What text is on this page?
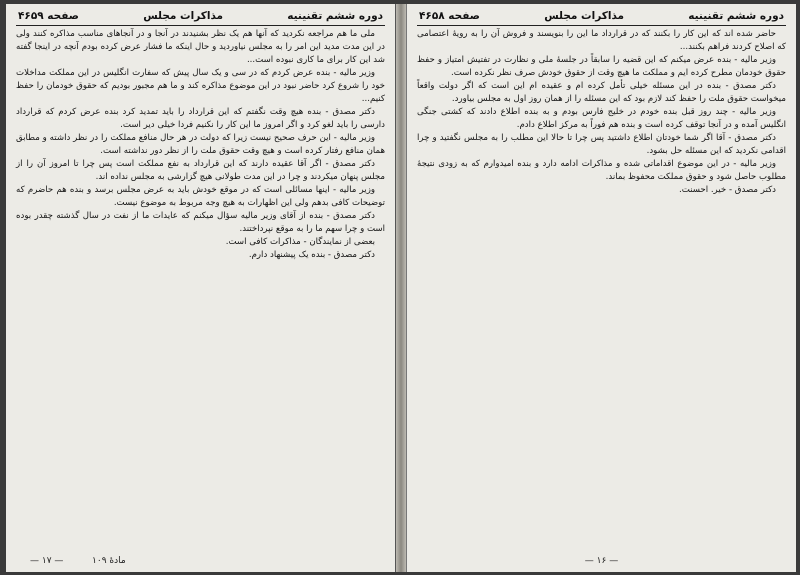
دوره ششم تقنینیه
مذاکرات مجلس
صفحه ۴۶۵۹

ملی ما هم مراجعه نکردید که آنها هم یک نظر بشنیدند در آنجا و در آنجاهای مناسب مذاکره کنند ولی در این مدت مدید این امر را به مجلس نیاوردید و حال اینکه ما فشار عرض کرده بودم آنچه در اینجا گفته شد این کار برای ما کاری نبوده است...

وزیر مالیه - بنده عرض کردم که در سی و یک سال پیش که سفارت انگلیس در این مملکت مداخلات خود را شروع کرد حاضر نبود در این موضوع مذاکره کند و ما هم مجبور بودیم که حقوق خودمان را حفظ کنیم...

دکتر مصدق - بنده هیچ وقت نگفتم که این قرارداد را باید تمدید کرد بنده عرض کردم که قرارداد دارسی را باید لغو کرد و اگر امروز ما این کار را نکنیم فردا خیلی دیر است.

وزیر مالیه - این حرف صحیح نیست زیرا که دولت در هر حال منافع مملکت را در نظر داشته و مطابق همان منافع رفتار کرده است و هیچ وقت حقوق ملت را از نظر دور نداشته است.

دکتر مصدق - اگر آقا عقیده دارند که این قرارداد به نفع مملکت است پس چرا تا امروز آن را از مجلس پنهان میکردند و چرا در این مدت طولانی هیچ گزارشی به مجلس نداده اند.

وزیر مالیه - اینها مسائلی است که در موقع خودش باید به عرض مجلس برسد و بنده هم حاضرم که توضیحات کافی بدهم ولی این اظهارات به هیچ وجه مربوط به موضوع نیست.

دکتر مصدق - بنده از آقای وزیر مالیه سؤال میکنم که عایدات ما از نفت در سال گذشته چقدر بوده است و چرا سهم ما را به موقع نپرداختند.

بعضی از نمایندگان - مذاکرات کافی است.

دکتر مصدق - بنده یک پیشنهاد دارم.

مادهٔ ۱۰۹          — ۱۷ —
دوره ششم تقنینیه
مذاکرات مجلس
صفحه ۴۶۵۸

حاضر شده اند که این کار را بکنند که در قرارداد ما این را بنویسند و فروش آن را به رویهٔ اعتصامی که اصلاح کردند فراهم بکنند...

وزیر مالیه - بنده عرض میکنم که این قضیه را سابقاً در جلسهٔ ملی و نظارت در تفتیش امتیاز و حفظ حقوق خودمان مطرح کرده ایم و مملکت ما هیچ وقت از حقوق خودش صرف نظر نکرده است.

دکتر مصدق - بنده در این مسئله خیلی تأمل کرده ام و عقیده ام این است که اگر دولت واقعاً میخواست حقوق ملت را حفظ کند لازم بود که این مسئله را از همان روز اول به مجلس بیاورد.

وزیر مالیه - چند روز قبل بنده خودم در خلیج فارس بودم و به بنده اطلاع دادند که کشتی جنگی انگلیس آمده و در آنجا توقف کرده است و بنده هم فوراً به مرکز اطلاع دادم.

دکتر مصدق - آقا اگر شما خودتان اطلاع داشتید پس چرا تا حالا این مطلب را به مجلس نگفتید و چرا اقدامی نکردید که این مسئله حل بشود.

وزیر مالیه - در این موضوع اقداماتی شده و مذاکرات ادامه دارد و بنده امیدوارم که به زودی نتیجهٔ مطلوب حاصل شود و حقوق مملکت محفوظ بماند.

دکتر مصدق - خیر. احسنت.

— ۱۶ —
